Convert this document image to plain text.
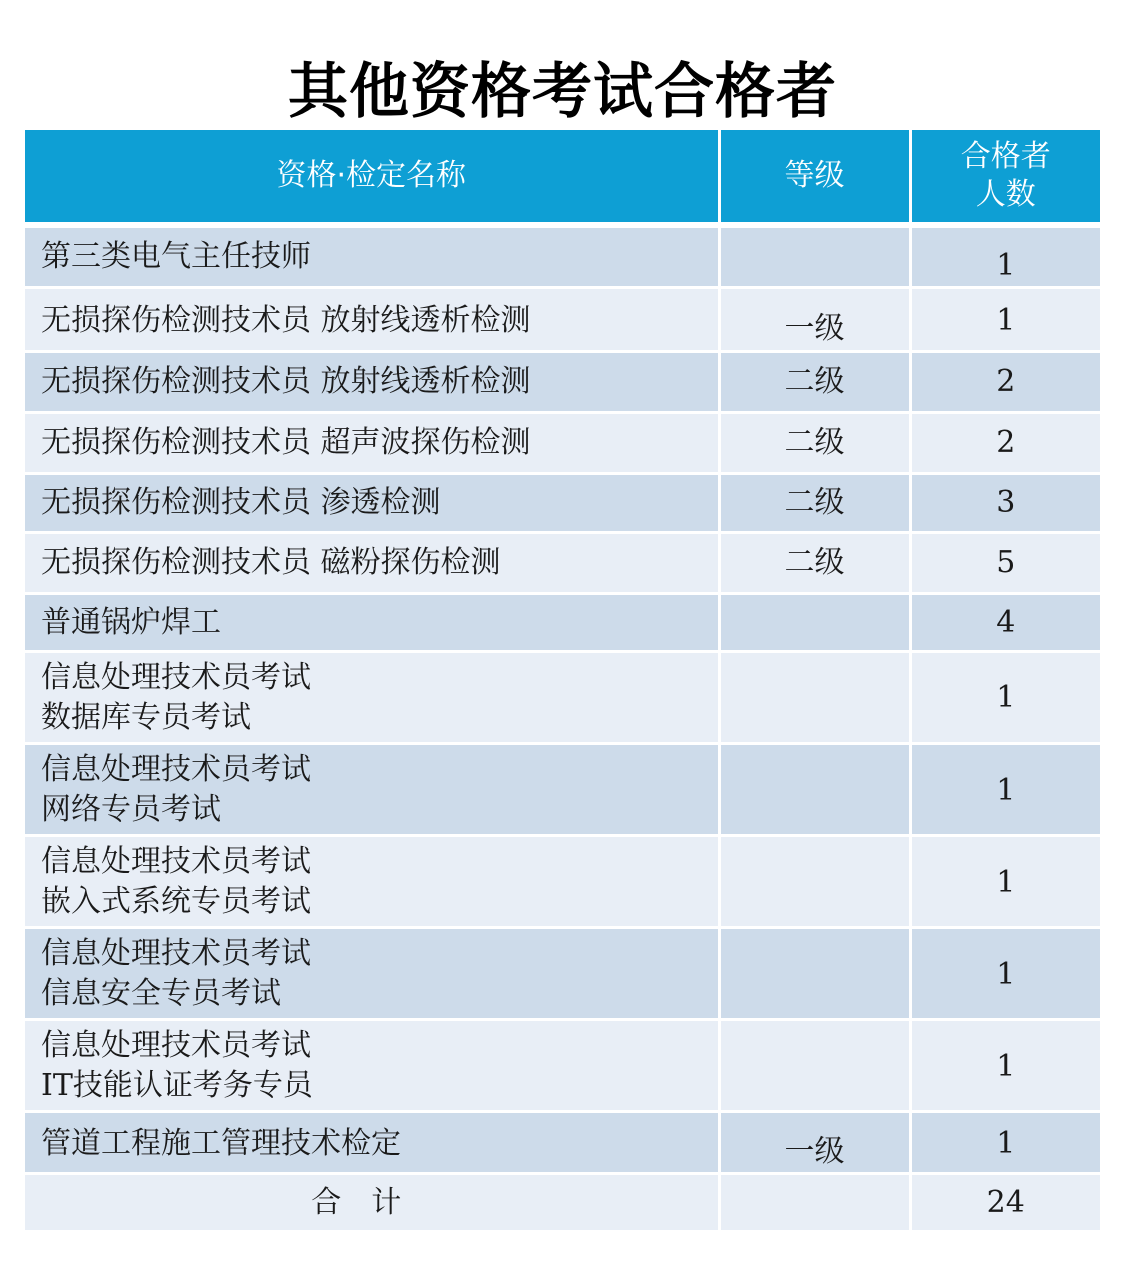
其他资格考试合格者
资格·检定名称	等级	合格者
人数

第三类电气主任技师		1

无损探伤检测技术员 放射线透析检测	一级	1

无损探伤检测技术员 放射线透析检测	二级	2

无损探伤检测技术员 超声波探伤检测	二级	2

无损探伤检测技术员 渗透检测	二级	3

无损探伤检测技术员 磁粉探伤检测	二级	5

普通锅炉焊工		4

信息处理技术员考试
数据库专员考试		1

信息处理技术员考试
网络专员考试		1

信息处理技术员考试
嵌入式系统专员考试		1

信息处理技术员考试
信息安全专员考试		1

信息处理技术员考试
IT技能认证考务专员		1

管道工程施工管理技术检定	一级	1
合计		24
